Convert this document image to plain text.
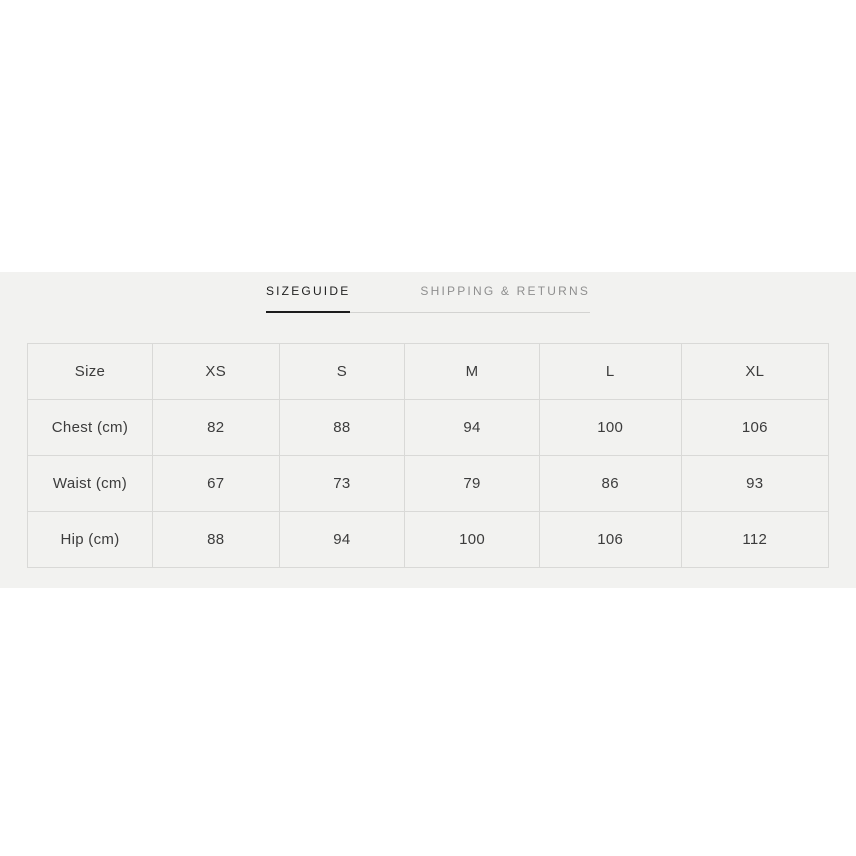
SIZEGUIDE	SHIPPING & RETURNS
Size	XS	S	M	L	XL
Chest (cm)	82	88	94	100	106
Waist (cm)	67	73	79	86	93
Hip (cm)	88	94	100	106	112
